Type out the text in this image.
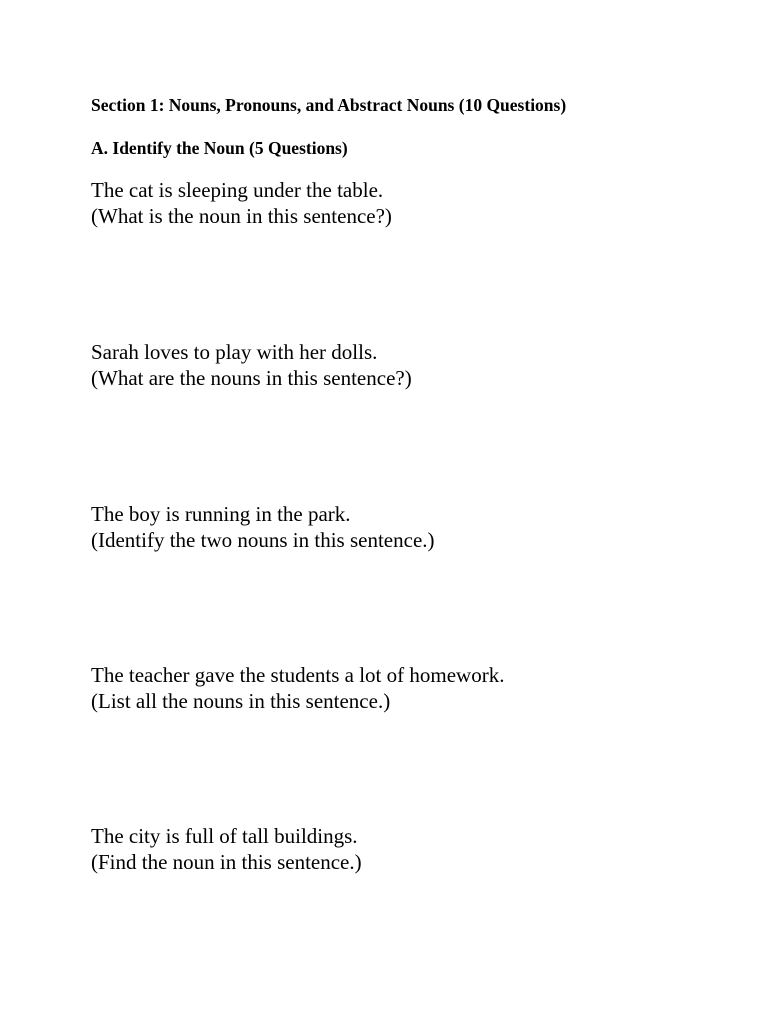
Section 1: Nouns, Pronouns, and Abstract Nouns (10 Questions)
A. Identify the Noun (5 Questions)
The cat is sleeping under the table.
(What is the noun in this sentence?)
Sarah loves to play with her dolls.
(What are the nouns in this sentence?)
The boy is running in the park.
(Identify the two nouns in this sentence.)
The teacher gave the students a lot of homework.
(List all the nouns in this sentence.)
The city is full of tall buildings.
(Find the noun in this sentence.)
